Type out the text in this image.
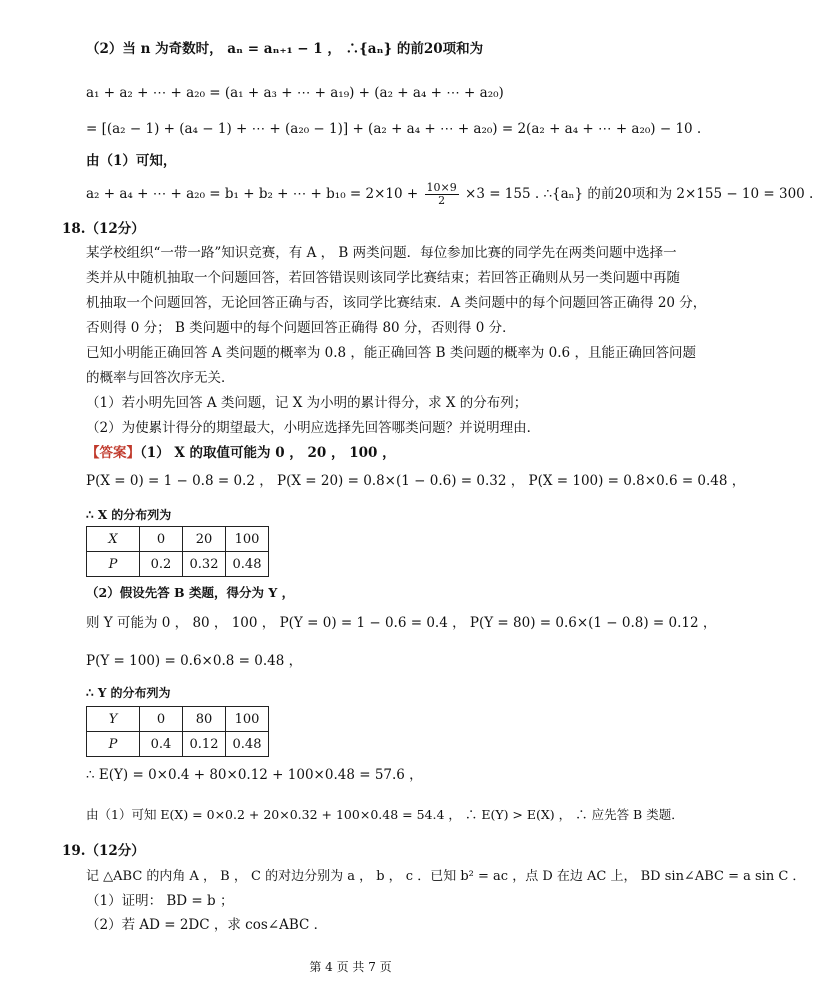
（2）当 n 为奇数时， aₙ = aₙ₊₁ − 1 ， ∴{aₙ} 的前20项和为
a₁ + a₂ + ⋯ + a₂₀ = (a₁ + a₃ + ⋯ + a₁₉) + (a₂ + a₄ + ⋯ + a₂₀)
= [(a₂ − 1) + (a₄ − 1) + ⋯ + (a₂₀ − 1)] + (a₂ + a₄ + ⋯ + a₂₀) = 2(a₂ + a₄ + ⋯ + a₂₀) − 10 .
由（1）可知，
a₂ + a₄ + ⋯ + a₂₀ = b₁ + b₂ + ⋯ + $b_{10} = 2\times 10 + \frac{10\times 9}{2} \times 3 = 155$ . ∴{aₙ} 的前20项和为 2×155 − 10 = 300 .
18.（12分）
某学校组织“一带一路”知识竞赛，有 A ， B 两类问题．每位参加比赛的同学先在两类问题中选择一
类并从中随机抽取一个问题回答，若回答错误则该同学比赛结束；若回答正确则从另一类问题中再随
机抽取一个问题回答，无论回答正确与否，该同学比赛结束．A 类问题中的每个问题回答正确得 20 分，
否则得 0 分； B 类问题中的每个问题回答正确得 80 分，否则得 0 分．
已知小明能正确回答 A 类问题的概率为 0.8 ，能正确回答 B 类问题的概率为 0.6 ，且能正确回答问题
的概率与回答次序无关．
（1）若小明先回答 A 类问题，记 X 为小明的累计得分，求 X 的分布列；
（2）为使累计得分的期望最大，小明应选择先回答哪类问题？并说明理由．
【答案】（1） X 的取值可能为 0 ， 20 ， 100 ，
P(X = 0) = 1 − 0.8 = 0.2 ， P(X = 20) = 0.8×(1 − 0.6) = 0.32 ， P(X = 100) = 0.8×0.6 = 0.48 ，
∴ X 的分布列为
X	0	20	100
P	0.2	0.32	0.48
（2）假设先答 B 类题，得分为 Y ，
则 Y 可能为 0 ， 80 ， 100 ， P(Y = 0) = 1 − 0.6 = 0.4 ， P(Y = 80) = 0.6×(1 − 0.8) = 0.12 ，
P(Y = 100) = 0.6×0.8 = 0.48 ，
∴ Y 的分布列为
Y	0	80	100
P	0.4	0.12	0.48
∴ E(Y) = 0×0.4 + 80×0.12 + 100×0.48 = 57.6 ，
由（1）可知 E(X) = 0×0.2 + 20×0.32 + 100×0.48 = 54.4 ， ∴ E(Y) > E(X) ， ∴ 应先答 B 类题．
19.（12分）
记 △ABC 的内角 A ， B ， C 的对边分别为 a ， b ， c ．已知 b² = ac ，点 D 在边 AC 上， BD sin∠ABC = a sin C ．
（1）证明： BD = b ；
（2）若 AD = 2DC ，求 cos∠ABC ．
第 4 页 共 7 页
